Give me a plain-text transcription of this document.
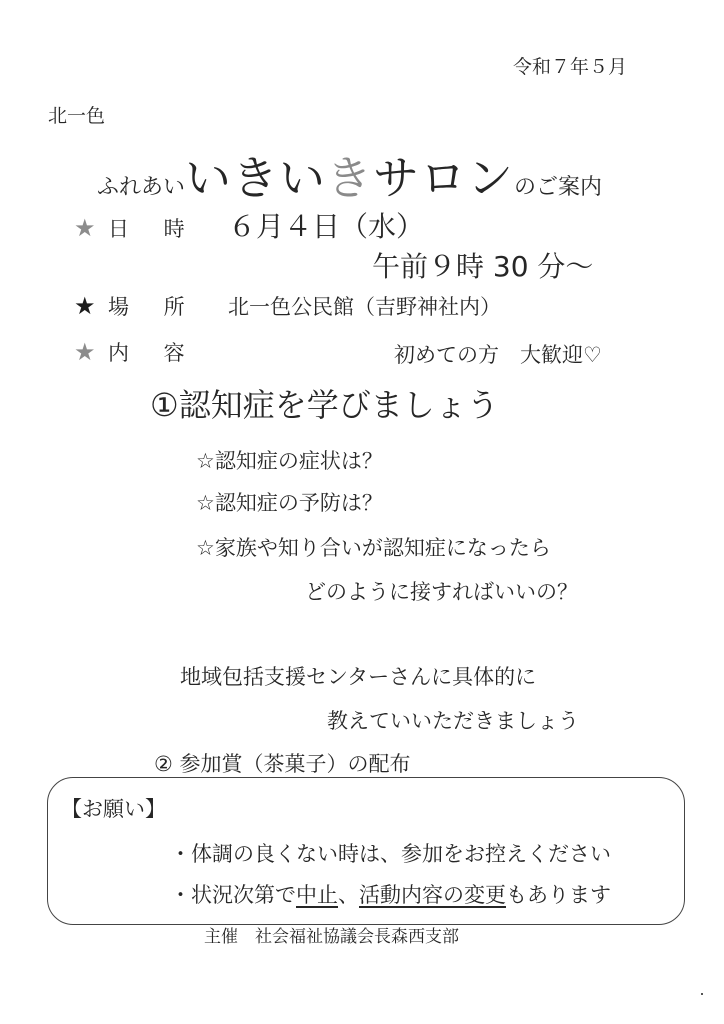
令和７年５月
北一色
ふれあいいきいきサロンのご案内
★ 日 時 ６月４日（水）
午前９時 30 分～
★ 場 所 北一色公民館（吉野神社内）
★ 内 容	初めての方　大歓迎♡
①認知症を学びましょう
☆認知症の症状は？
☆認知症の予防は？
☆家族や知り合いが認知症になったら
どのように接すればいいの？
地域包括支援センターさんに具体的に
教えていいただきましょう
② 参加賞（茶菓子）の配布
【お願い】
・体調の良くない時は、参加をお控えください
・状況次第で中止、活動内容の変更もあります
主催　社会福祉協議会長森西支部
